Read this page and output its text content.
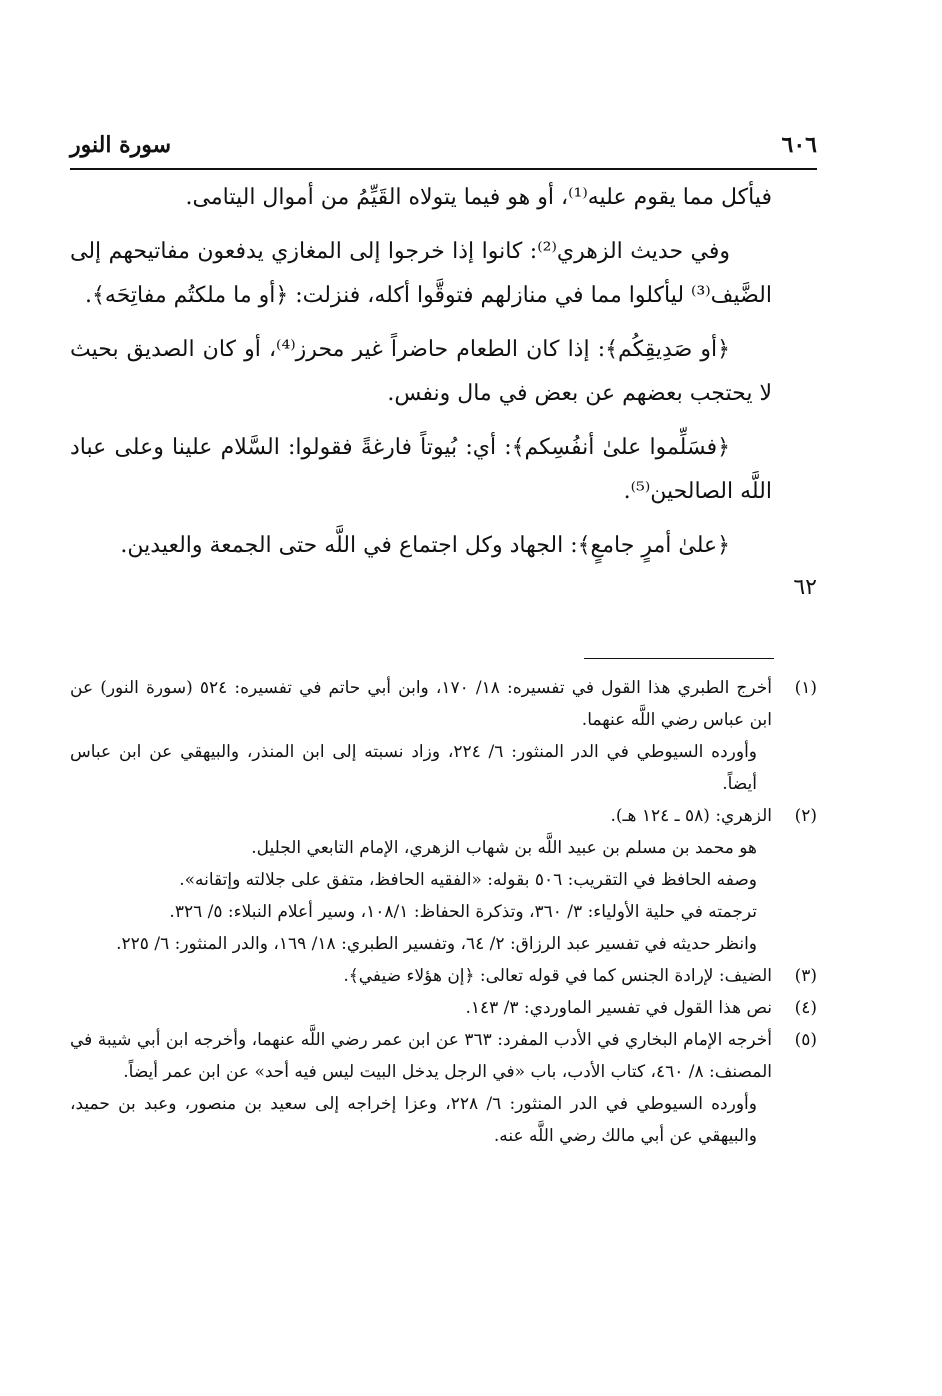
٦٠٦
سورة النور

فيأكل مما يقوم عليه⁽¹⁾، أو هو فيما يتولاه القَيِّمُ من أموال اليتامى.

وفي حديث الزهري⁽²⁾: كانوا إذا خرجوا إلى المغازي يدفعون مفاتيحهم إلى الضَّيف⁽³⁾ ليأكلوا مما في منازلهم فتوقَّوا أكله، فنزلت: ﴿أو ما ملكتُم مفاتِحَه﴾.

﴿أو صَدِيقِكُم﴾: إذا كان الطعام حاضراً غير محرز⁽⁴⁾، أو كان الصديق بحيث لا يحتجب بعضهم عن بعض في مال ونفس.

﴿فسَلِّموا علىٰ أنفُسِكم﴾: أي: بُيوتاً فارغةً فقولوا: السَّلام علينا وعلى عباد اللَّه الصالحين⁽⁵⁾.

﴿علىٰ أمرٍ جامعٍ﴾: الجهاد وكل اجتماع في اللَّه حتى الجمعة والعيدين.

٦٢
(١)
أخرج الطبري هذا القول في تفسيره: ١٨/ ١٧٠، وابن أبي حاتم في تفسيره: ٥٢٤ (سورة النور) عن ابن عباس رضي اللَّه عنهما.
وأورده السيوطي في الدر المنثور: ٦/ ٢٢٤، وزاد نسبته إلى ابن المنذر، والبيهقي عن ابن عباس أيضاً.
(٢)
الزهري: (٥٨ ـ ١٢٤ هـ).
هو محمد بن مسلم بن عبيد اللَّه بن شهاب الزهري، الإمام التابعي الجليل.
وصفه الحافظ في التقريب: ٥٠٦ بقوله: «الفقيه الحافظ، متفق على جلالته وإتقانه».
ترجمته في حلية الأولياء: ٣/ ٣٦٠، وتذكرة الحفاظ: ١٠٨/١، وسير أعلام النبلاء: ٥/ ٣٢٦.
وانظر حديثه في تفسير عبد الرزاق: ٢/ ٦٤، وتفسير الطبري: ١٨/ ١٦٩، والدر المنثور: ٦/ ٢٢٥.
(٣)
الضيف: لإرادة الجنس كما في قوله تعالى: ﴿إن هؤلاء ضيفي﴾.
(٤)
نص هذا القول في تفسير الماوردي: ٣/ ١٤٣.
(٥)
أخرجه الإمام البخاري في الأدب المفرد: ٣٦٣ عن ابن عمر رضي اللَّه عنهما، وأخرجه ابن أبي شيبة في المصنف: ٨/ ٤٦٠، كتاب الأدب، باب «في الرجل يدخل البيت ليس فيه أحد» عن ابن عمر أيضاً.
وأورده السيوطي في الدر المنثور: ٦/ ٢٢٨، وعزا إخراجه إلى سعيد بن منصور، وعبد بن حميد، والبيهقي عن أبي مالك رضي اللَّه عنه.
